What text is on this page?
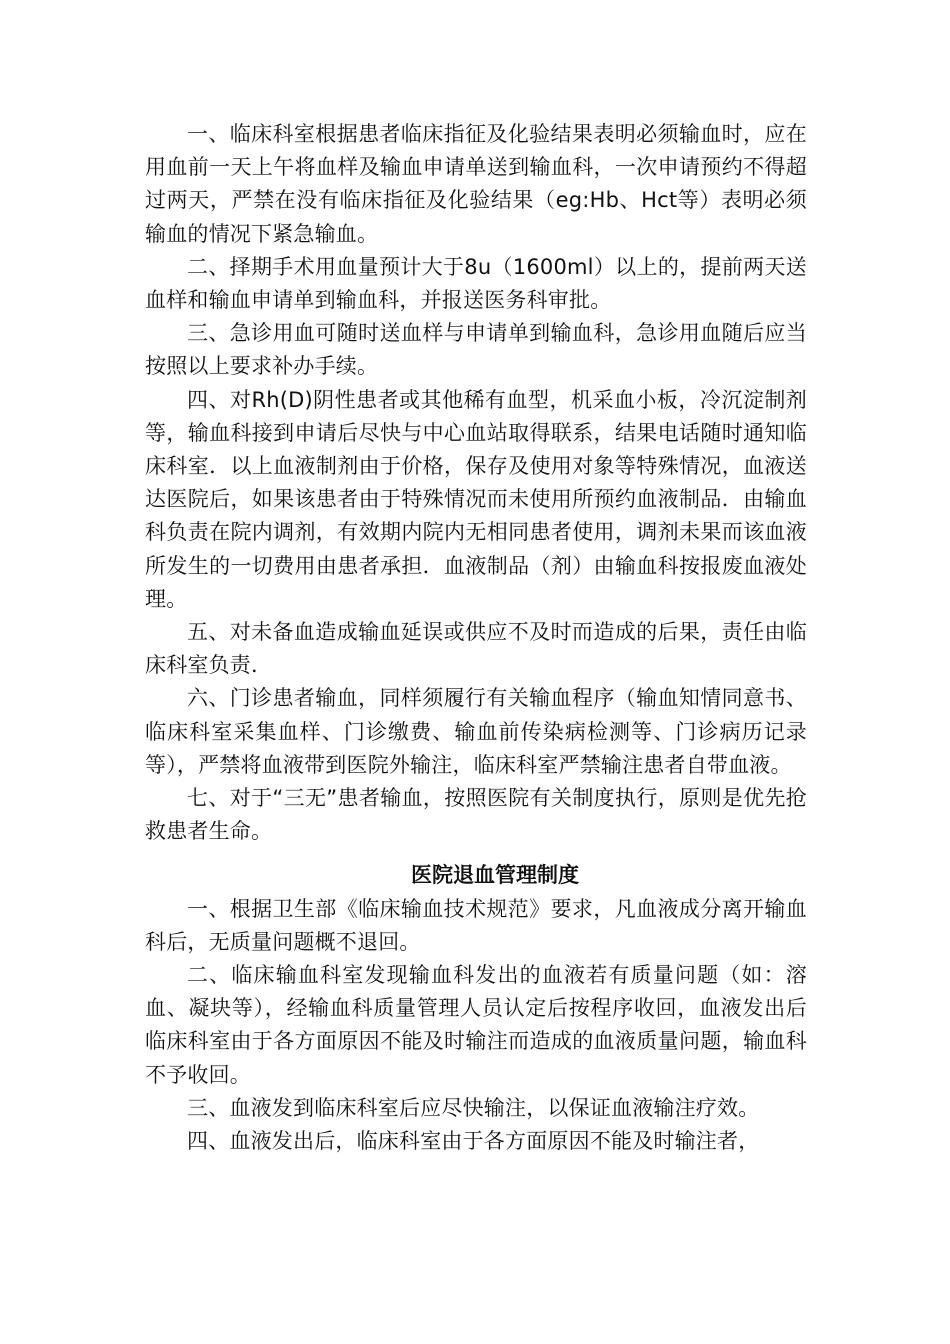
一、临床科室根据患者临床指征及化验结果表明必须输血时，应在用血前一天上午将血样及输血申请单送到输血科，一次申请预约不得超过两天，严禁在没有临床指征及化验结果（eg:Hb、Hct等）表明必须输血的情况下紧急输血。

二、择期手术用血量预计大于8u（1600ml）以上的，提前两天送血样和输血申请单到输血科，并报送医务科审批。

三、急诊用血可随时送血样与申请单到输血科，急诊用血随后应当按照以上要求补办手续。

四、对Rh(D)阴性患者或其他稀有血型，机采血小板，冷沉淀制剂等，输血科接到申请后尽快与中心血站取得联系，结果电话随时通知临床科室．以上血液制剂由于价格，保存及使用对象等特殊情况，血液送达医院后，如果该患者由于特殊情况而未使用所预约血液制品．由输血科负责在院内调剂，有效期内院内无相同患者使用，调剂未果而该血液所发生的一切费用由患者承担．血液制品（剂）由输血科按报废血液处理。

五、对未备血造成输血延误或供应不及时而造成的后果，责任由临床科室负责．

六、门诊患者输血，同样须履行有关输血程序（输血知情同意书、临床科室采集血样、门诊缴费、输血前传染病检测等、门诊病历记录等），严禁将血液带到医院外输注，临床科室严禁输注患者自带血液。

七、对于“三无”患者输血，按照医院有关制度执行，原则是优先抢救患者生命。

医院退血管理制度

一、根据卫生部《临床输血技术规范》要求，凡血液成分离开输血科后，无质量问题概不退回。

二、临床输血科室发现输血科发出的血液若有质量问题（如：溶血、凝块等），经输血科质量管理人员认定后按程序收回，血液发出后临床科室由于各方面原因不能及时输注而造成的血液质量问题，输血科不予收回。

三、血液发到临床科室后应尽快输注，以保证血液输注疗效。

四、血液发出后，临床科室由于各方面原因不能及时输注者，
